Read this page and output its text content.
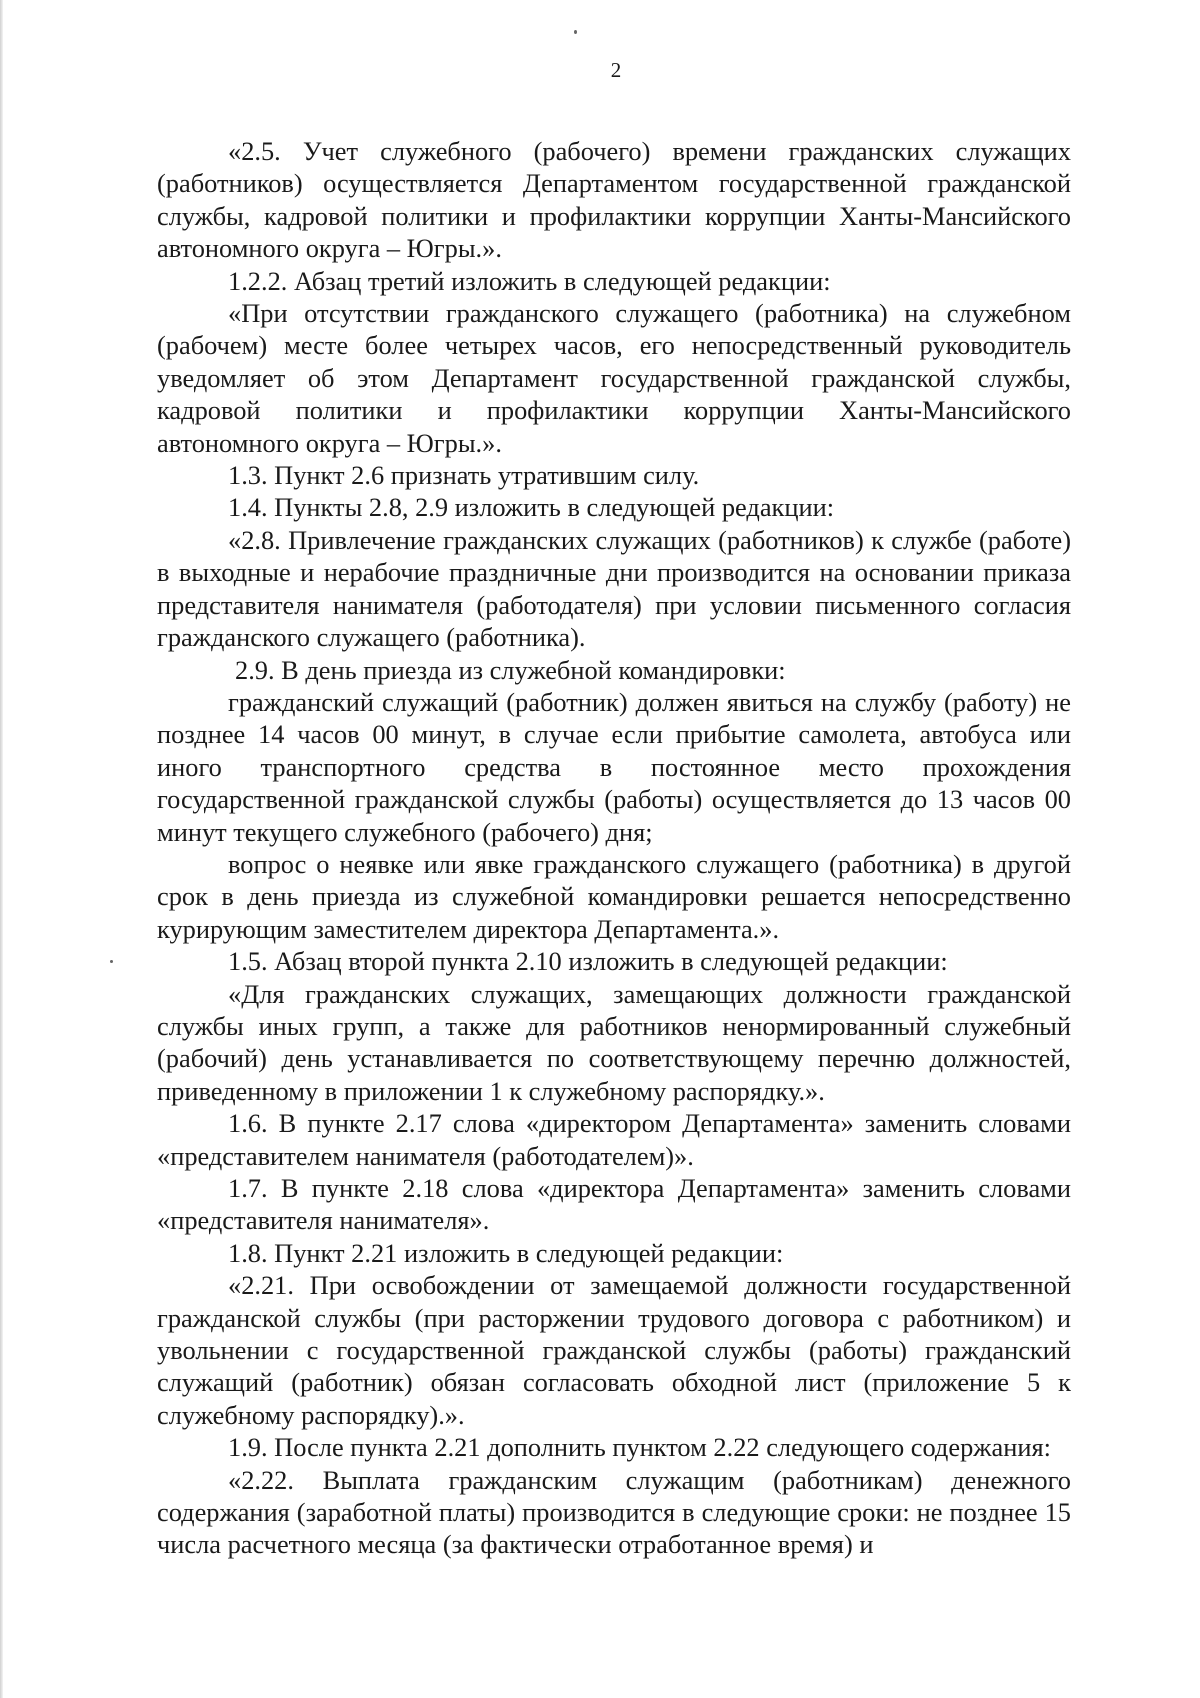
2

«2.5. Учет служебного (рабочего) времени гражданских служащих (работников) осуществляется Департаментом государственной гражданской службы, кадровой политики и профилактики коррупции Ханты-Мансийского автономного округа – Югры.».

1.2.2. Абзац третий изложить в следующей редакции:

«При отсутствии гражданского служащего (работника) на служебном (рабочем) месте более четырех часов, его непосредственный руководитель уведомляет об этом Департамент государственной гражданской службы, кадровой политики и профилактики коррупции Ханты-Мансийского автономного округа – Югры.».

1.3. Пункт 2.6 признать утратившим силу.

1.4. Пункты 2.8, 2.9 изложить в следующей редакции:

«2.8. Привлечение гражданских служащих (работников) к службе (работе) в выходные и нерабочие праздничные дни производится на основании приказа представителя нанимателя (работодателя) при условии письменного согласия гражданского служащего (работника).

2.9. В день приезда из служебной командировки:

гражданский служащий (работник) должен явиться на службу (работу) не позднее 14 часов 00 минут, в случае если прибытие самолета, автобуса или иного транспортного средства в постоянное место прохождения государственной гражданской службы (работы) осуществляется до 13 часов 00 минут текущего служебного (рабочего) дня;

вопрос о неявке или явке гражданского служащего (работника) в другой срок в день приезда из служебной командировки решается непосредственно курирующим заместителем директора Департамента.».

1.5. Абзац второй пункта 2.10 изложить в следующей редакции:

«Для гражданских служащих, замещающих должности гражданской службы иных групп, а также для работников ненормированный служебный (рабочий) день устанавливается по соответствующему перечню должностей, приведенному в приложении 1 к служебному распорядку.».

1.6. В пункте 2.17 слова «директором Департамента» заменить словами «представителем нанимателя (работодателем)».

1.7. В пункте 2.18 слова «директора Департамента» заменить словами «представителя нанимателя».

1.8. Пункт 2.21 изложить в следующей редакции:

«2.21. При освобождении от замещаемой должности государственной гражданской службы (при расторжении трудового договора с работником) и увольнении с государственной гражданской службы (работы) гражданский служащий (работник) обязан согласовать обходной лист (приложение 5 к служебному распорядку).».

1.9. После пункта 2.21 дополнить пунктом 2.22 следующего содержания:

«2.22. Выплата гражданским служащим (работникам) денежного содержания (заработной платы) производится в следующие сроки: не позднее 15 числа расчетного месяца (за фактически отработанное время) и
